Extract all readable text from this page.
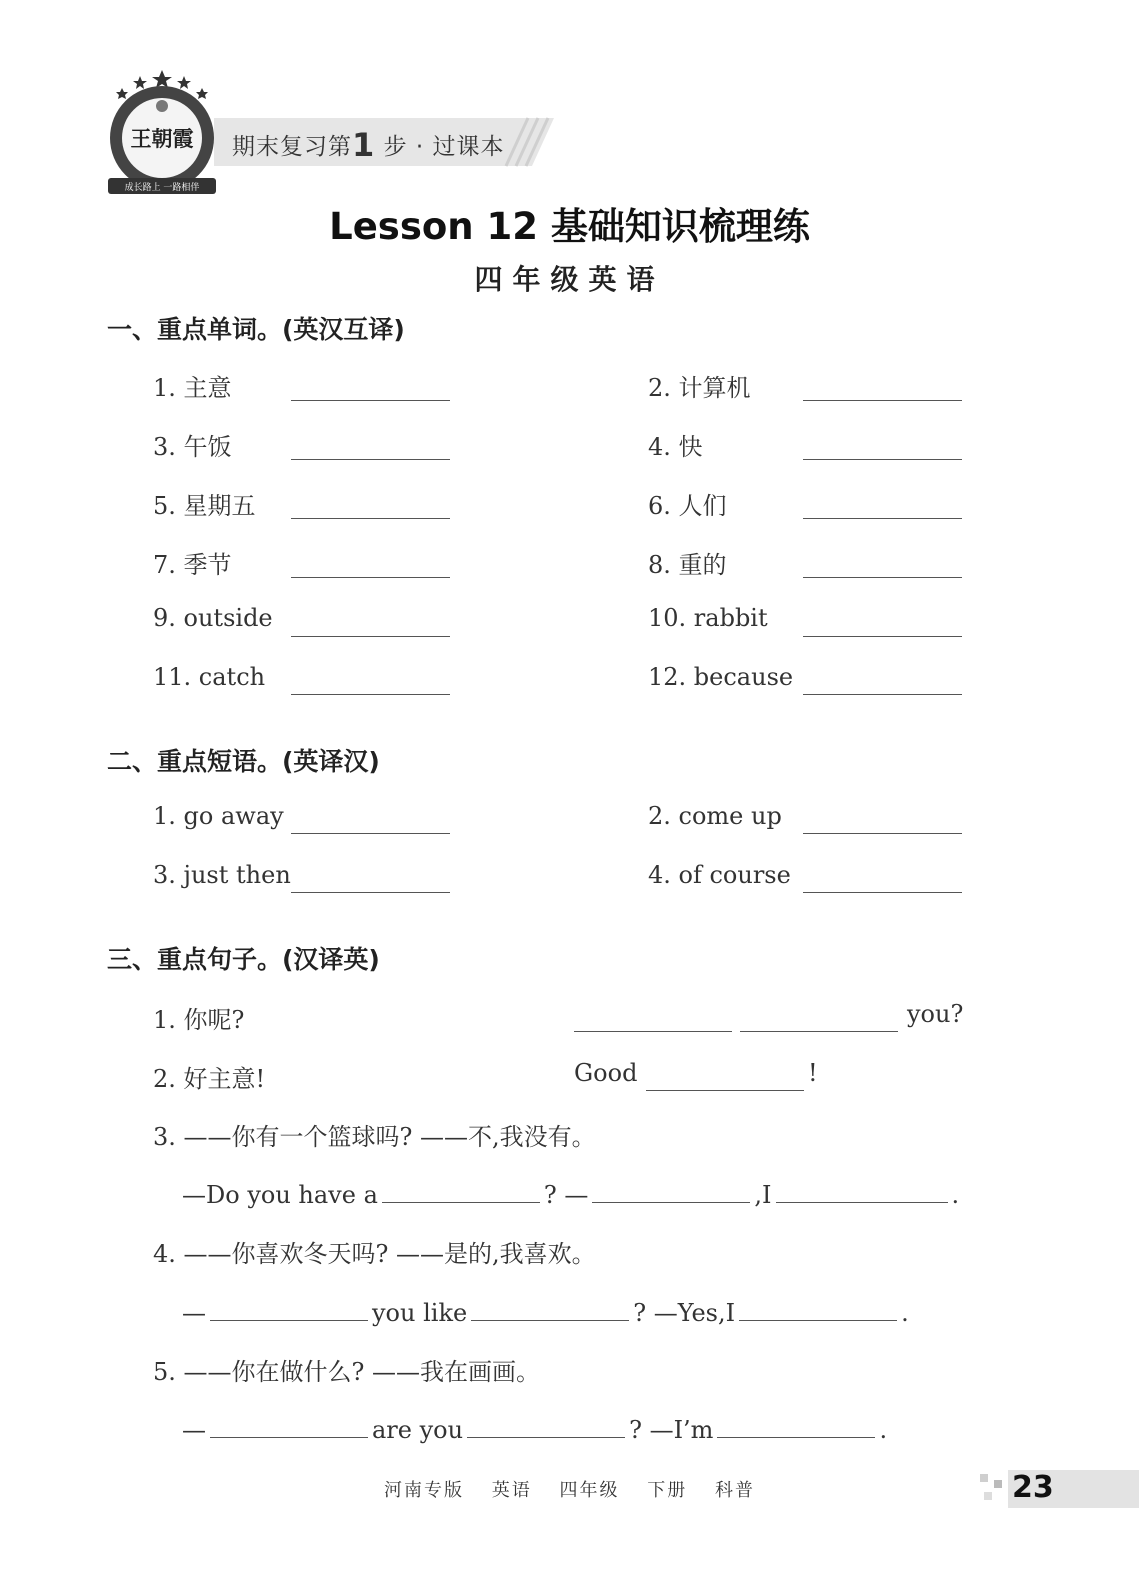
王朝霞
成长路上 一路相伴
期末复习第1 步 · 过课本
Lesson 12 基础知识梳理练
四年级英语
一、重点单词。(英汉互译)
1. 主意	2. 计算机
3. 午饭	4. 快
5. 星期五	6. 人们
7. 季节	8. 重的
9. outside	10. rabbit
11. catch	12. because
二、重点短语。(英译汉)
1. go away	2. come up
3. just then	4. of course
三、重点句子。(汉译英)
1. 你呢?	you?
2. 好主意!	Good	!
3. ——你有一个篮球吗? ——不,我没有。
—Do you have a	? —	,I	.
4. ——你喜欢冬天吗? ——是的,我喜欢。
—	you like	? —Yes,I	.
5. ——你在做什么? ——我在画画。
—	are you	? —I’m	.
河南专版 英语 四年级 下册 科普	23
